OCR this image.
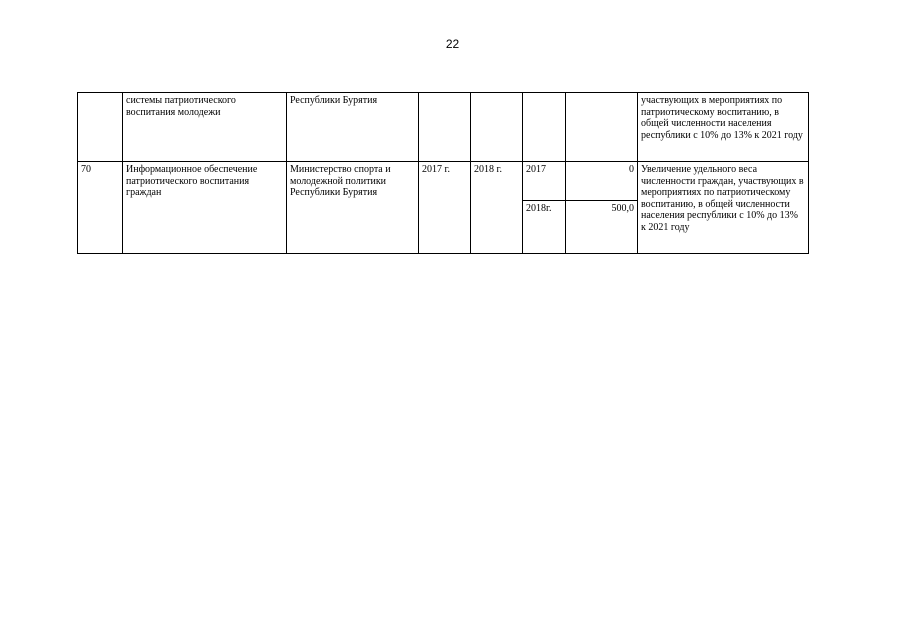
22
	системы патриотического воспитания молодежи	Республики Бурятия					участвующих в мероприятиях по патриотическому воспитанию, в общей численности населения республики с 10% до 13% к 2021 году
70	Информационное обеспечение патриотического воспитания граждан	Министерство спорта и молодежной политики Республики Бурятия	2017 г.	2018 г.	2017	0	Увеличение удельного веса численности граждан, участвующих в мероприятиях по патриотическому воспитанию, в общей численности населения республики с 10% до 13% к 2021 году
					2018г.	500,0	
